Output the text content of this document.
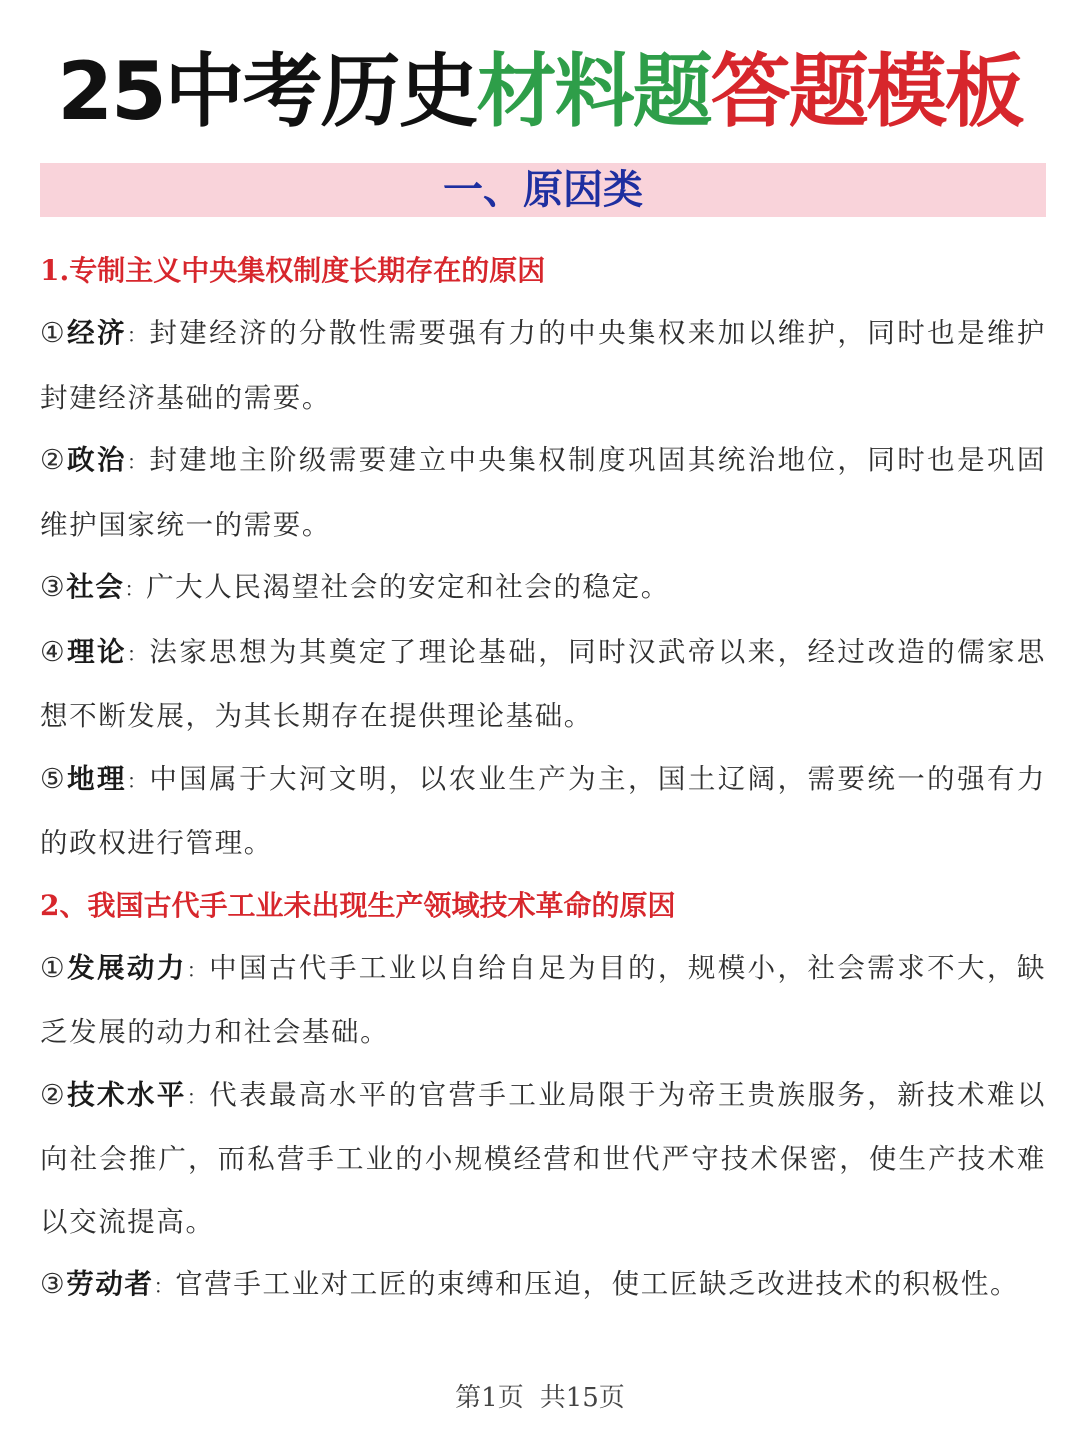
25中考历史材料题答题模板
一、原因类
1.专制主义中央集权制度长期存在的原因
①经济：封建经济的分散性需要强有力的中央集权来加以维护，同时也是维护封建经济基础的需要。
②政治：封建地主阶级需要建立中央集权制度巩固其统治地位，同时也是巩固维护国家统一的需要。
③社会：广大人民渴望社会的安定和社会的稳定。
④理论：法家思想为其奠定了理论基础，同时汉武帝以来，经过改造的儒家思想不断发展，为其长期存在提供理论基础。
⑤地理：中国属于大河文明，以农业生产为主，国土辽阔，需要统一的强有力的政权进行管理。
2、我国古代手工业未出现生产领域技术革命的原因
①发展动力：中国古代手工业以自给自足为目的，规模小，社会需求不大，缺乏发展的动力和社会基础。
②技术水平：代表最高水平的官营手工业局限于为帝王贵族服务，新技术难以向社会推广，而私营手工业的小规模经营和世代严守技术保密，使生产技术难以交流提高。
③劳动者：官营手工业对工匠的束缚和压迫，使工匠缺乏改进技术的积极性。
第1页 共15页
